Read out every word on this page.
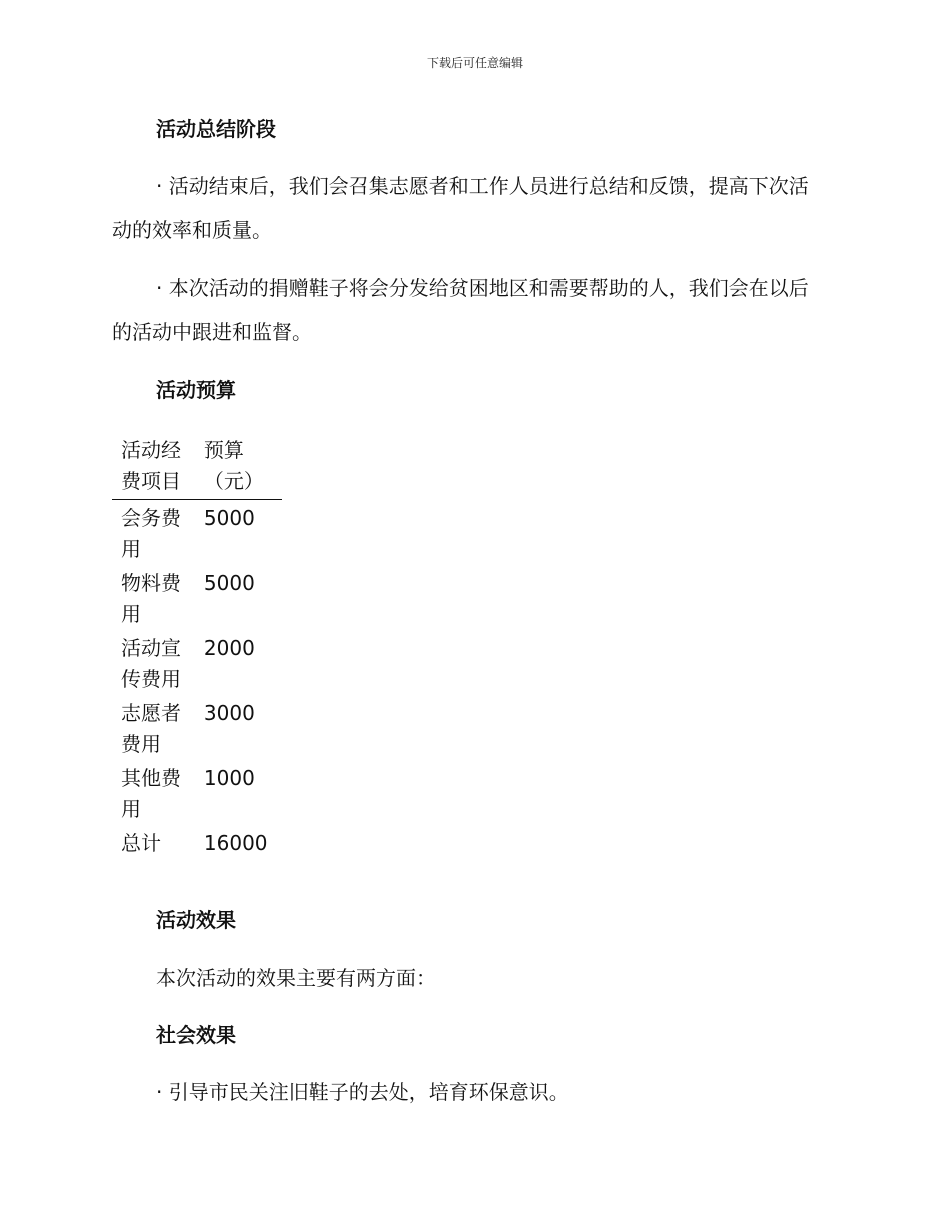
下载后可任意编辑
活动总结阶段
· 活动结束后，我们会召集志愿者和工作人员进行总结和反馈，提高下次活动的效率和质量。
· 本次活动的捐赠鞋子将会分发给贫困地区和需要帮助的人，我们会在以后的活动中跟进和监督。
活动预算
活动经费项目	预算（元）
会务费用	5000
物料费用	5000
活动宣传费用	2000
志愿者费用	3000
其他费用	1000
总计	16000
活动效果
本次活动的效果主要有两方面：
社会效果
· 引导市民关注旧鞋子的去处，培育环保意识。
